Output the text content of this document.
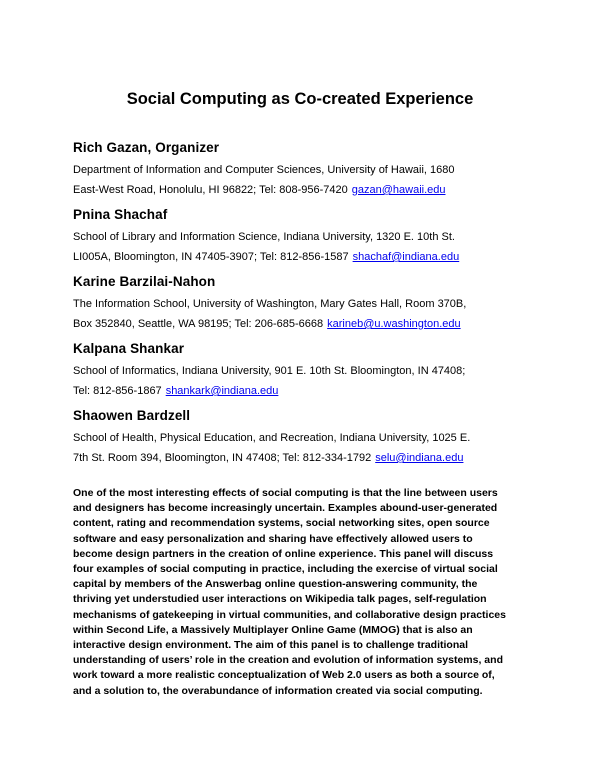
Social Computing as Co-created Experience
Rich Gazan, Organizer
Department of Information and Computer Sciences, University of Hawaii, 1680
East-West Road, Honolulu, HI 96822; Tel: 808-956-7420 gazan@hawaii.edu
Pnina Shachaf
School of Library and Information Science, Indiana University, 1320 E. 10th St.
LI005A, Bloomington, IN 47405-3907; Tel: 812-856-1587 shachaf@indiana.edu
Karine Barzilai-Nahon
The Information School, University of Washington, Mary Gates Hall, Room 370B,
Box 352840, Seattle, WA 98195; Tel: 206-685-6668 karineb@u.washington.edu
Kalpana Shankar
School of Informatics, Indiana University, 901 E. 10th St. Bloomington, IN 47408;
Tel: 812-856-1867 shankark@indiana.edu
Shaowen Bardzell
School of Health, Physical Education, and Recreation, Indiana University, 1025 E.
7th St. Room 394, Bloomington, IN 47408; Tel: 812-334-1792 selu@indiana.edu
One of the most interesting effects of social computing is that the line between users
and designers has become increasingly uncertain. Examples abound-user-generated
content, rating and recommendation systems, social networking sites, open source
software and easy personalization and sharing have effectively allowed users to
become design partners in the creation of online experience. This panel will discuss
four examples of social computing in practice, including the exercise of virtual social
capital by members of the Answerbag online question-answering community, the
thriving yet understudied user interactions on Wikipedia talk pages, self-regulation
mechanisms of gatekeeping in virtual communities, and collaborative design practices
within Second Life, a Massively Multiplayer Online Game (MMOG) that is also an
interactive design environment. The aim of this panel is to challenge traditional
understanding of users’ role in the creation and evolution of information systems, and
work toward a more realistic conceptualization of Web 2.0 users as both a source of,
and a solution to, the overabundance of information created via social computing.
